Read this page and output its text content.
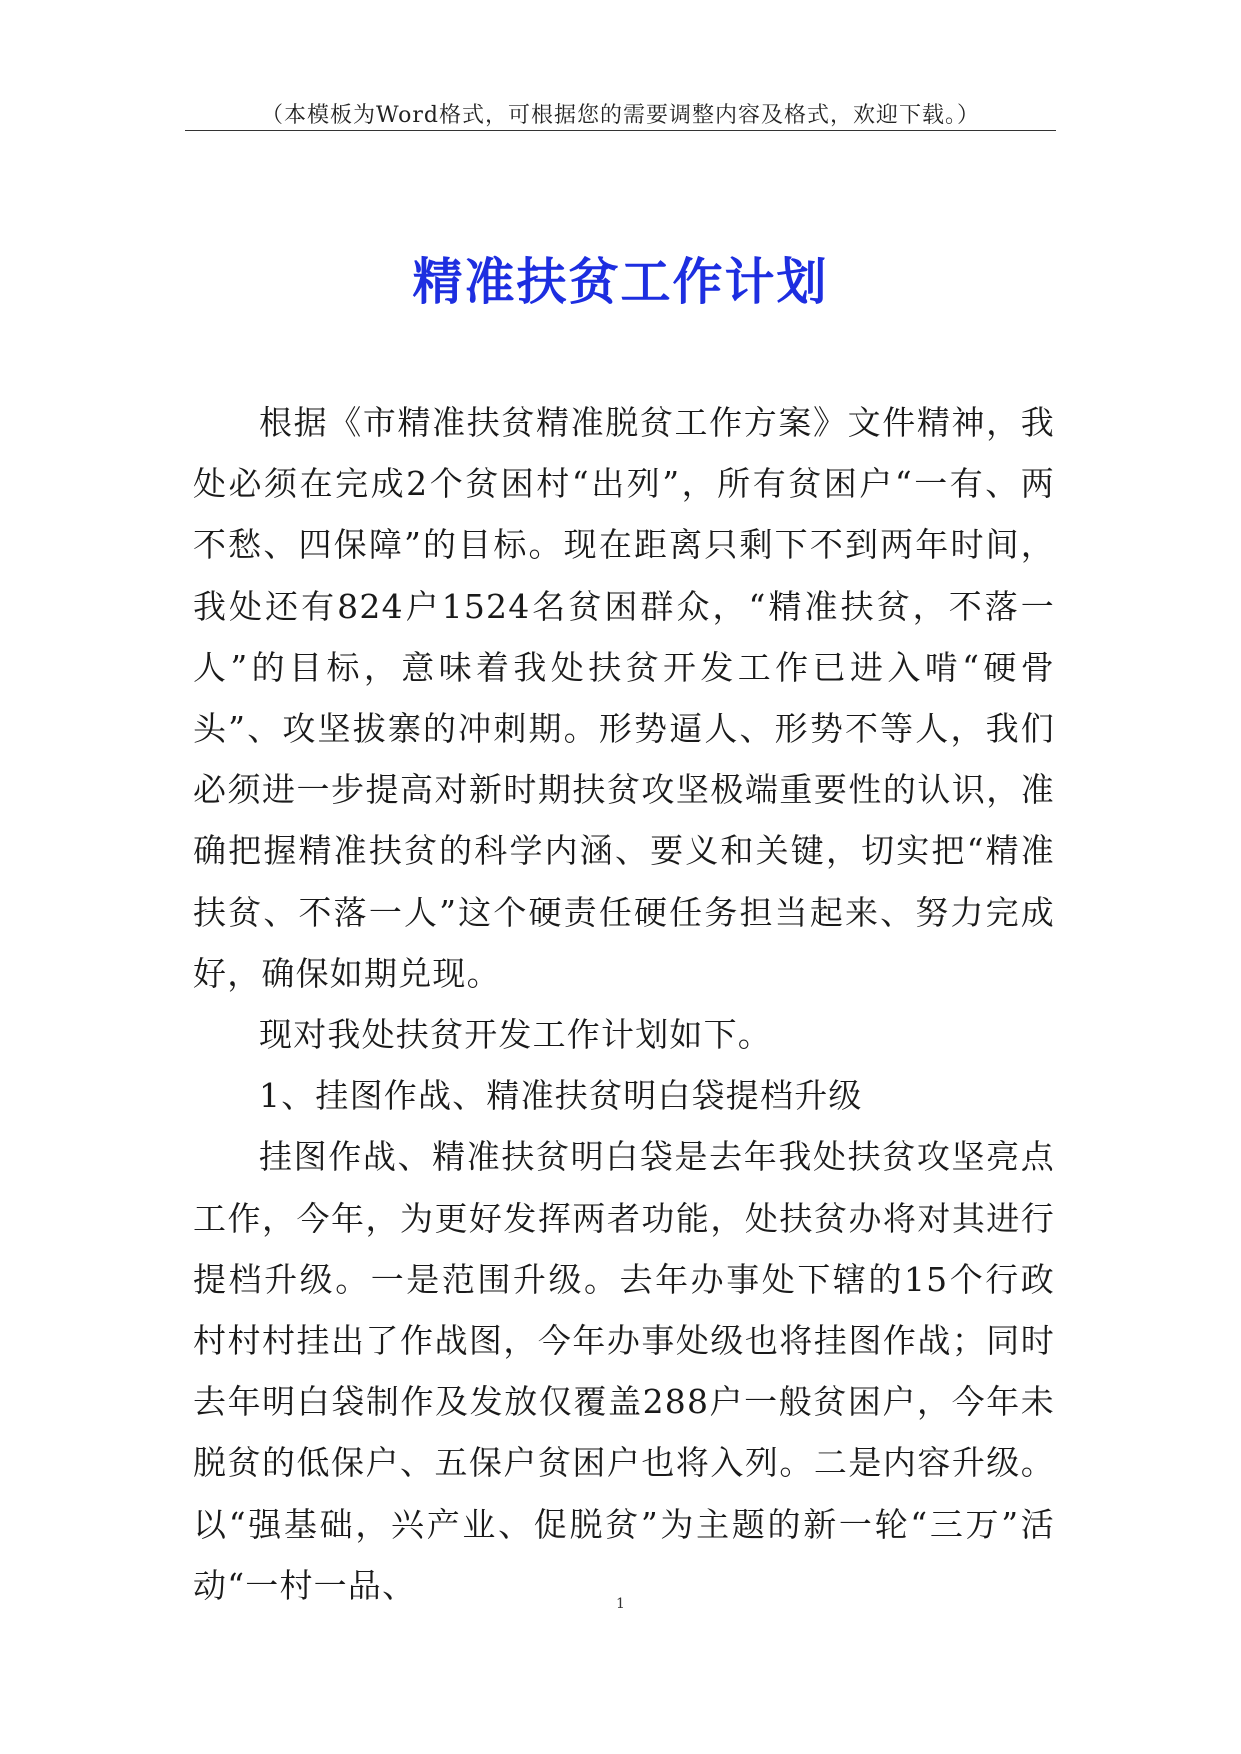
（本模板为Word格式，可根据您的需要调整内容及格式，欢迎下载。）
精准扶贫工作计划

根据《市精准扶贫精准脱贫工作方案》文件精神，我处必须在完成2个贫困村“出列”，所有贫困户“一有、两不愁、四保障”的目标。现在距离只剩下不到两年时间，我处还有824户1524名贫困群众，“精准扶贫，不落一人”的目标，意味着我处扶贫开发工作已进入啃“硬骨头”、攻坚拔寨的冲刺期。形势逼人、形势不等人，我们必须进一步提高对新时期扶贫攻坚极端重要性的认识，准确把握精准扶贫的科学内涵、要义和关键，切实把“精准扶贫、不落一人”这个硬责任硬任务担当起来、努力完成好，确保如期兑现。

现对我处扶贫开发工作计划如下。

1、挂图作战、精准扶贫明白袋提档升级

挂图作战、精准扶贫明白袋是去年我处扶贫攻坚亮点工作，今年，为更好发挥两者功能，处扶贫办将对其进行提档升级。一是范围升级。去年办事处下辖的15个行政村村村挂出了作战图，今年办事处级也将挂图作战；同时去年明白袋制作及发放仅覆盖288户一般贫困户，今年未脱贫的低保户、五保户贫困户也将入列。二是内容升级。以“强基础，兴产业、促脱贫”为主题的新一轮“三万”活动“一村一品、	1
